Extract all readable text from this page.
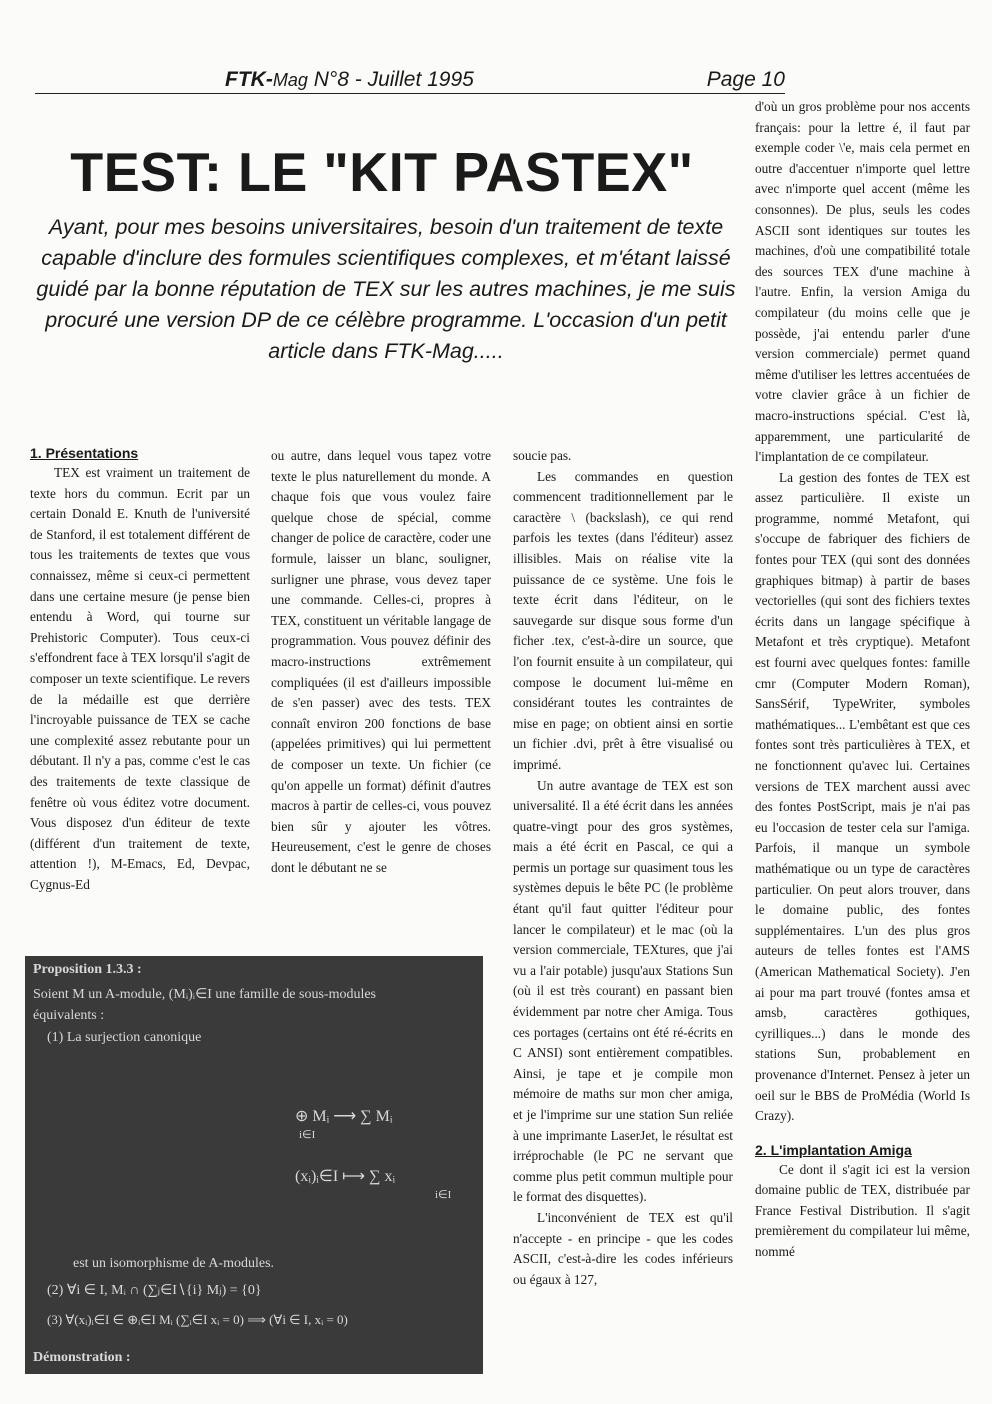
FTK-Mag N°8 - Juillet 1995	Page 10
TEST: LE "KIT PASTEX"
Ayant, pour mes besoins universitaires, besoin d'un traitement de texte capable d'inclure des formules scientifiques complexes, et m'étant laissé guidé par la bonne réputation de TEX sur les autres machines, je me suis procuré une version DP de ce célèbre programme. L'occasion d'un petit article dans FTK-Mag.....
1. Présentations

TEX est vraiment un traitement de texte hors du commun. Ecrit par un certain Donald E. Knuth de l'université de Stanford, il est totalement différent de tous les traitements de textes que vous connaissez, même si ceux-ci permettent dans une certaine mesure (je pense bien entendu à Word, qui tourne sur Prehistoric Computer). Tous ceux-ci s'effondrent face à TEX lorsqu'il s'agit de composer un texte scientifique. Le revers de la médaille est que derrière l'incroyable puissance de TEX se cache une complexité assez rebutante pour un débutant. Il n'y a pas, comme c'est le cas des traitements de texte classique de fenêtre où vous éditez votre document. Vous disposez d'un éditeur de texte (différent d'un traitement de texte, attention !), M-Emacs, Ed, Devpac, Cygnus-Ed

ou autre, dans lequel vous tapez votre texte le plus naturellement du monde. A chaque fois que vous voulez faire quelque chose de spécial, comme changer de police de caractère, coder une formule, laisser un blanc, souligner, surligner une phrase, vous devez taper une commande. Celles-ci, propres à TEX, constituent un véritable langage de programmation. Vous pouvez définir des macro-instructions extrêmement compliquées (il est d'ailleurs impossible de s'en passer) avec des tests. TEX connaît environ 200 fonctions de base (appelées primitives) qui lui permettent de composer un texte. Un fichier (ce qu'on appelle un format) définit d'autres macros à partir de celles-ci, vous pouvez bien sûr y ajouter les vôtres. Heureusement, c'est le genre de choses dont le débutant ne se

soucie pas.

Les commandes en question commencent traditionnellement par le caractère \ (backslash), ce qui rend parfois les textes (dans l'éditeur) assez illisibles. Mais on réalise vite la puissance de ce système. Une fois le texte écrit dans l'éditeur, on le sauvegarde sur disque sous forme d'un ficher .tex, c'est-à-dire un source, que l'on fournit ensuite à un compilateur, qui compose le document lui-même en considérant toutes les contraintes de mise en page; on obtient ainsi en sortie un fichier .dvi, prêt à être visualisé ou imprimé.

Un autre avantage de TEX est son universalité. Il a été écrit dans les années quatre-vingt pour des gros systèmes, mais a été écrit en Pascal, ce qui a permis un portage sur quasiment tous les systèmes depuis le bête PC (le problème étant qu'il faut quitter l'éditeur pour lancer le compilateur) et le mac (où la version commerciale, TEXtures, que j'ai vu a l'air potable) jusqu'aux Stations Sun (où il est très courant) en passant bien évidemment par notre cher Amiga. Tous ces portages (certains ont été ré-écrits en C ANSI) sont entièrement compatibles. Ainsi, je tape et je compile mon mémoire de maths sur mon cher amiga, et je l'imprime sur une station Sun reliée à une imprimante LaserJet, le résultat est irréprochable (le PC ne servant que comme plus petit commun multiple pour le format des disquettes).

L'inconvénient de TEX est qu'il n'accepte - en principe - que les codes ASCII, c'est-à-dire les codes inférieurs ou égaux à 127,

d'où un gros problème pour nos accents français: pour la lettre é, il faut par exemple coder \'e, mais cela permet en outre d'accentuer n'importe quel lettre avec n'importe quel accent (même les consonnes). De plus, seuls les codes ASCII sont identiques sur toutes les machines, d'où une compatibilité totale des sources TEX d'une machine à l'autre. Enfin, la version Amiga du compilateur (du moins celle que je possède, j'ai entendu parler d'une version commerciale) permet quand même d'utiliser les lettres accentuées de votre clavier grâce à un fichier de macro-instructions spécial. C'est là, apparemment, une particularité de l'implantation de ce compilateur.

La gestion des fontes de TEX est assez particulière. Il existe un programme, nommé Metafont, qui s'occupe de fabriquer des fichiers de fontes pour TEX (qui sont des données graphiques bitmap) à partir de bases vectorielles (qui sont des fichiers textes écrits dans un langage spécifique à Metafont et très cryptique). Metafont est fourni avec quelques fontes: famille cmr (Computer Modern Roman), SansSérif, TypeWriter, symboles mathématiques... L'embêtant est que ces fontes sont très particulières à TEX, et ne fonctionnent qu'avec lui. Certaines versions de TEX marchent aussi avec des fontes PostScript, mais je n'ai pas eu l'occasion de tester cela sur l'amiga. Parfois, il manque un symbole mathématique ou un type de caractères particulier. On peut alors trouver, dans le domaine public, des fontes supplémentaires. L'un des plus gros auteurs de telles fontes est l'AMS (American Mathematical Society). J'en ai pour ma part trouvé (fontes amsa et amsb, caractères gothiques, cyrilliques...) dans le monde des stations Sun, probablement en provenance d'Internet. Pensez à jeter un oeil sur le BBS de ProMédia (World Is Crazy).

2. L'implantation Amiga

Ce dont il s'agit ici est la version domaine public de TEX, distribuée par France Festival Distribution. Il s'agit premièrement du compilateur lui même, nommé

Proposition 1.3.3 :
Soient M un A-module, (Mᵢ)ᵢ∈I une famille de sous-modules
équivalents :
(1) La surjection canonique
⊕ Mᵢ ⟶ ∑ Mᵢ
i∈I
(xᵢ)ᵢ∈I ⟼ ∑ xᵢ
i∈I
est un isomorphisme de A-modules.
(2) ∀i ∈ I, Mᵢ ∩ (∑ⱼ∈I∖{i} Mⱼ) = {0}
(3) ∀(xᵢ)ᵢ∈I ∈ ⊕ᵢ∈I Mᵢ (∑ᵢ∈I xᵢ = 0) ⟹ (∀i ∈ I, xᵢ = 0)
Démonstration :
